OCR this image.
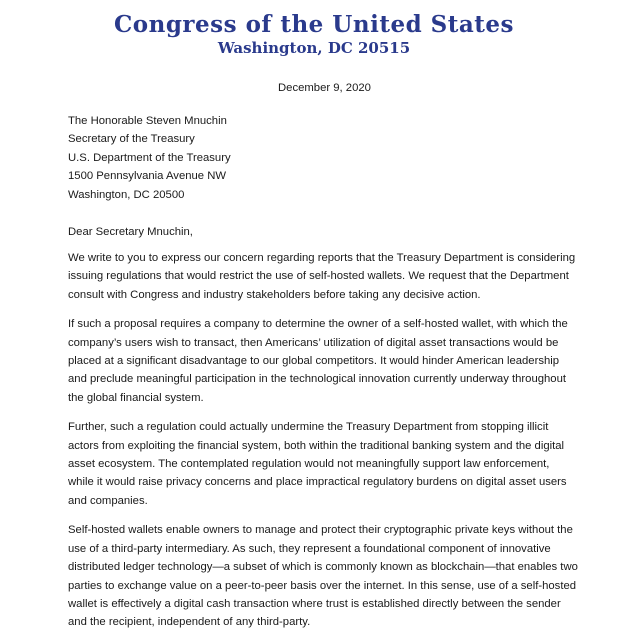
Congress of the United States
Washington, DC 20515
December 9, 2020
The Honorable Steven Mnuchin
Secretary of the Treasury
U.S. Department of the Treasury
1500 Pennsylvania Avenue NW
Washington, DC 20500
Dear Secretary Mnuchin,

We write to you to express our concern regarding reports that the Treasury Department is considering issuing regulations that would restrict the use of self-hosted wallets. We request that the Department consult with Congress and industry stakeholders before taking any decisive action.

If such a proposal requires a company to determine the owner of a self-hosted wallet, with which the company’s users wish to transact, then Americans’ utilization of digital asset transactions would be placed at a significant disadvantage to our global competitors. It would hinder American leadership and preclude meaningful participation in the technological innovation currently underway throughout the global financial system.

Further, such a regulation could actually undermine the Treasury Department from stopping illicit actors from exploiting the financial system, both within the traditional banking system and the digital asset ecosystem. The contemplated regulation would not meaningfully support law enforcement, while it would raise privacy concerns and place impractical regulatory burdens on digital asset users and companies.

Self-hosted wallets enable owners to manage and protect their cryptographic private keys without the use of a third-party intermediary. As such, they represent a foundational component of innovative distributed ledger technology—a subset of which is commonly known as blockchain—that enables two parties to exchange value on a peer-to-peer basis over the internet. In this sense, use of a self-hosted wallet is effectively a digital cash transaction where trust is established directly between the sender and the recipient, independent of any third-party.
